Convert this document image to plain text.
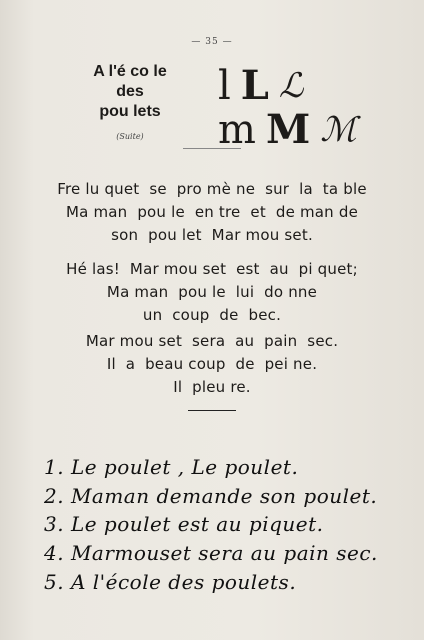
— 35 —
A l'é co le
des
pou lets
(Suite)
l L ℒ
m M ℳ
Fre lu quet  se  pro mè ne  sur  la  ta ble
Ma man  pou le  en tre  et  de man de
son  pou let  Mar mou set.
Hé las!  Mar mou set  est  au  pi quet;
Ma man  pou le  lui  do nne
un  coup  de  bec.
Mar mou set  sera  au  pain  sec.
Il  a  beau coup  de  pei ne.
Il  pleu re.
1. Le poulet , Le poulet.
2. Maman demande son poulet.
3. Le poulet est au piquet.
4. Marmouset sera au pain sec.
5. A l'école des poulets.
